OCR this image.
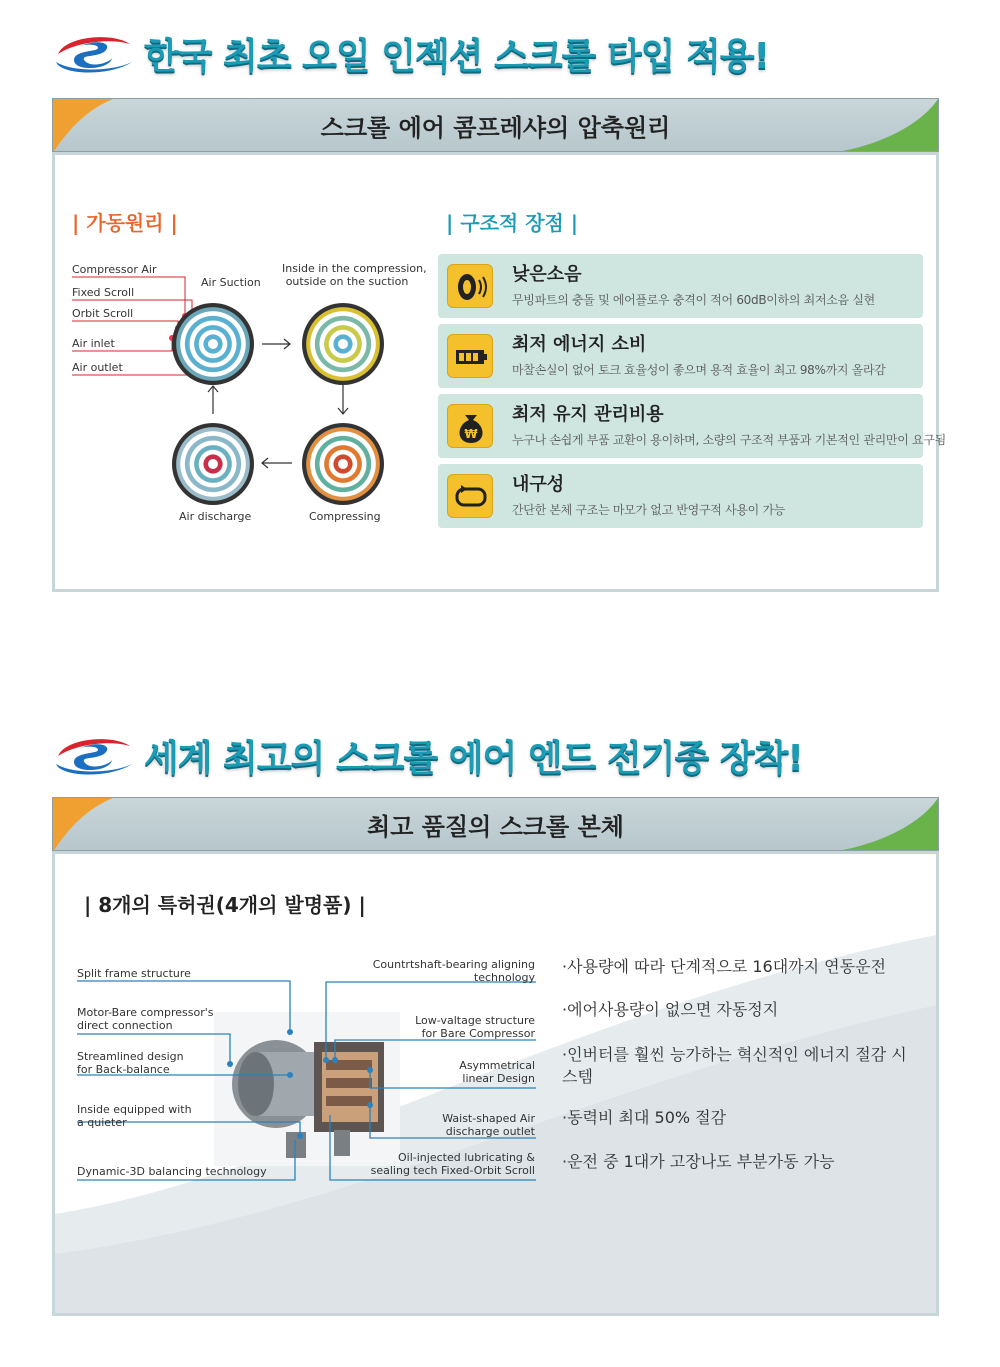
한국 최초 오일 인젝션 스크롤 타입 적용!
스크롤 에어 콤프레샤의 압축원리
| 가동원리 |	| 구조적 장점 |
Compressor Air
Fixed Scroll
Orbit Scroll
Air inlet
Air outlet
Air Suction
Inside in the compression,
outside on the suction
Air discharge	Compressing
낮은소음
무빙파트의 충돌 및 에어플로우 충격이 적어 60dB이하의 최저소음 실현
최저 에너지 소비
마찰손실이 없어 토크 효율성이 좋으며 용적 효율이 최고 98%까지 올라감
₩
최저 유지 관리비용
누구나 손쉽게 부품 교환이 용이하며, 소량의 구조적 부품과 기본적인 관리만이 요구됨
내구성
간단한 본체 구조는 마모가 없고 반영구적 사용이 가능
세계 최고의 스크롤 에어 엔드 전기종 장착!
최고 품질의 스크롤 본체
| 8개의 특허권(4개의 발명품) |
Split frame structure
Motor-Bare compressor's
direct connection
Streamlined design
for Back-balance
Inside equipped with
a quieter
Dynamic-3D balancing technology
Countrtshaft-bearing aligning
technology
Low-valtage structure
for Bare Compressor
Asymmetrical
linear Design
Waist-shaped Air
discharge outlet
Oil-injected lubricating &
sealing tech Fixed-Orbit Scroll
·사용량에 따라 단계적으로 16대까지 연동운전
·에어사용량이 없으면 자동정지
·인버터를 훨씬 능가하는 혁신적인 에너지 절감 시스템
·동력비 최대 50% 절감
·운전 중 1대가 고장나도 부분가동 가능
